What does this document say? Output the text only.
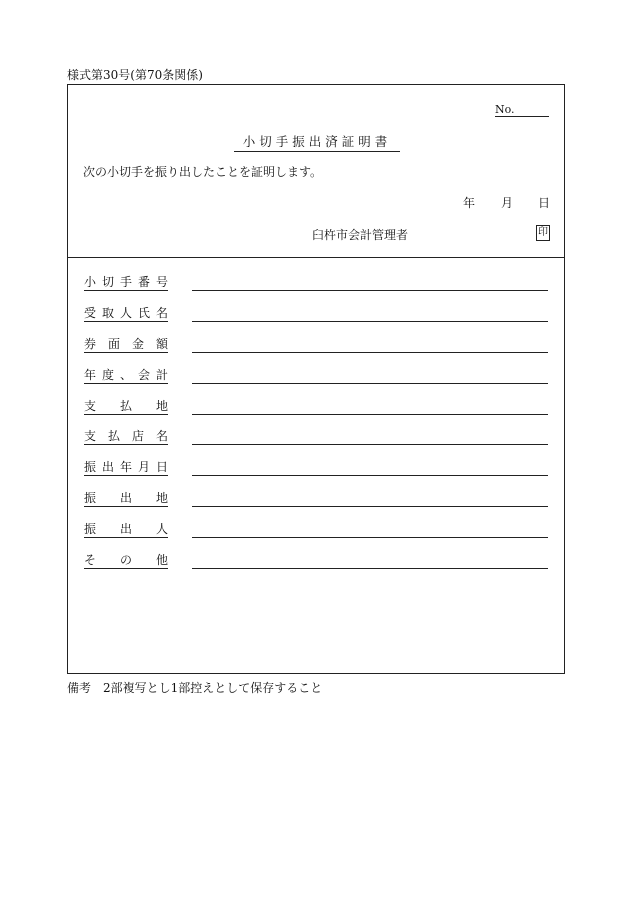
様式第30号(第70条関係)
No.
小切手振出済証明書
次の小切手を振り出したことを証明します。
年 月 日
臼杵市会計管理者	印
小切手番号
受取人氏名
券面金額
年度、会計
支払地
支払店名
振出年月日
振出地
振出人
その他
備考 2部複写とし1部控えとして保存すること
